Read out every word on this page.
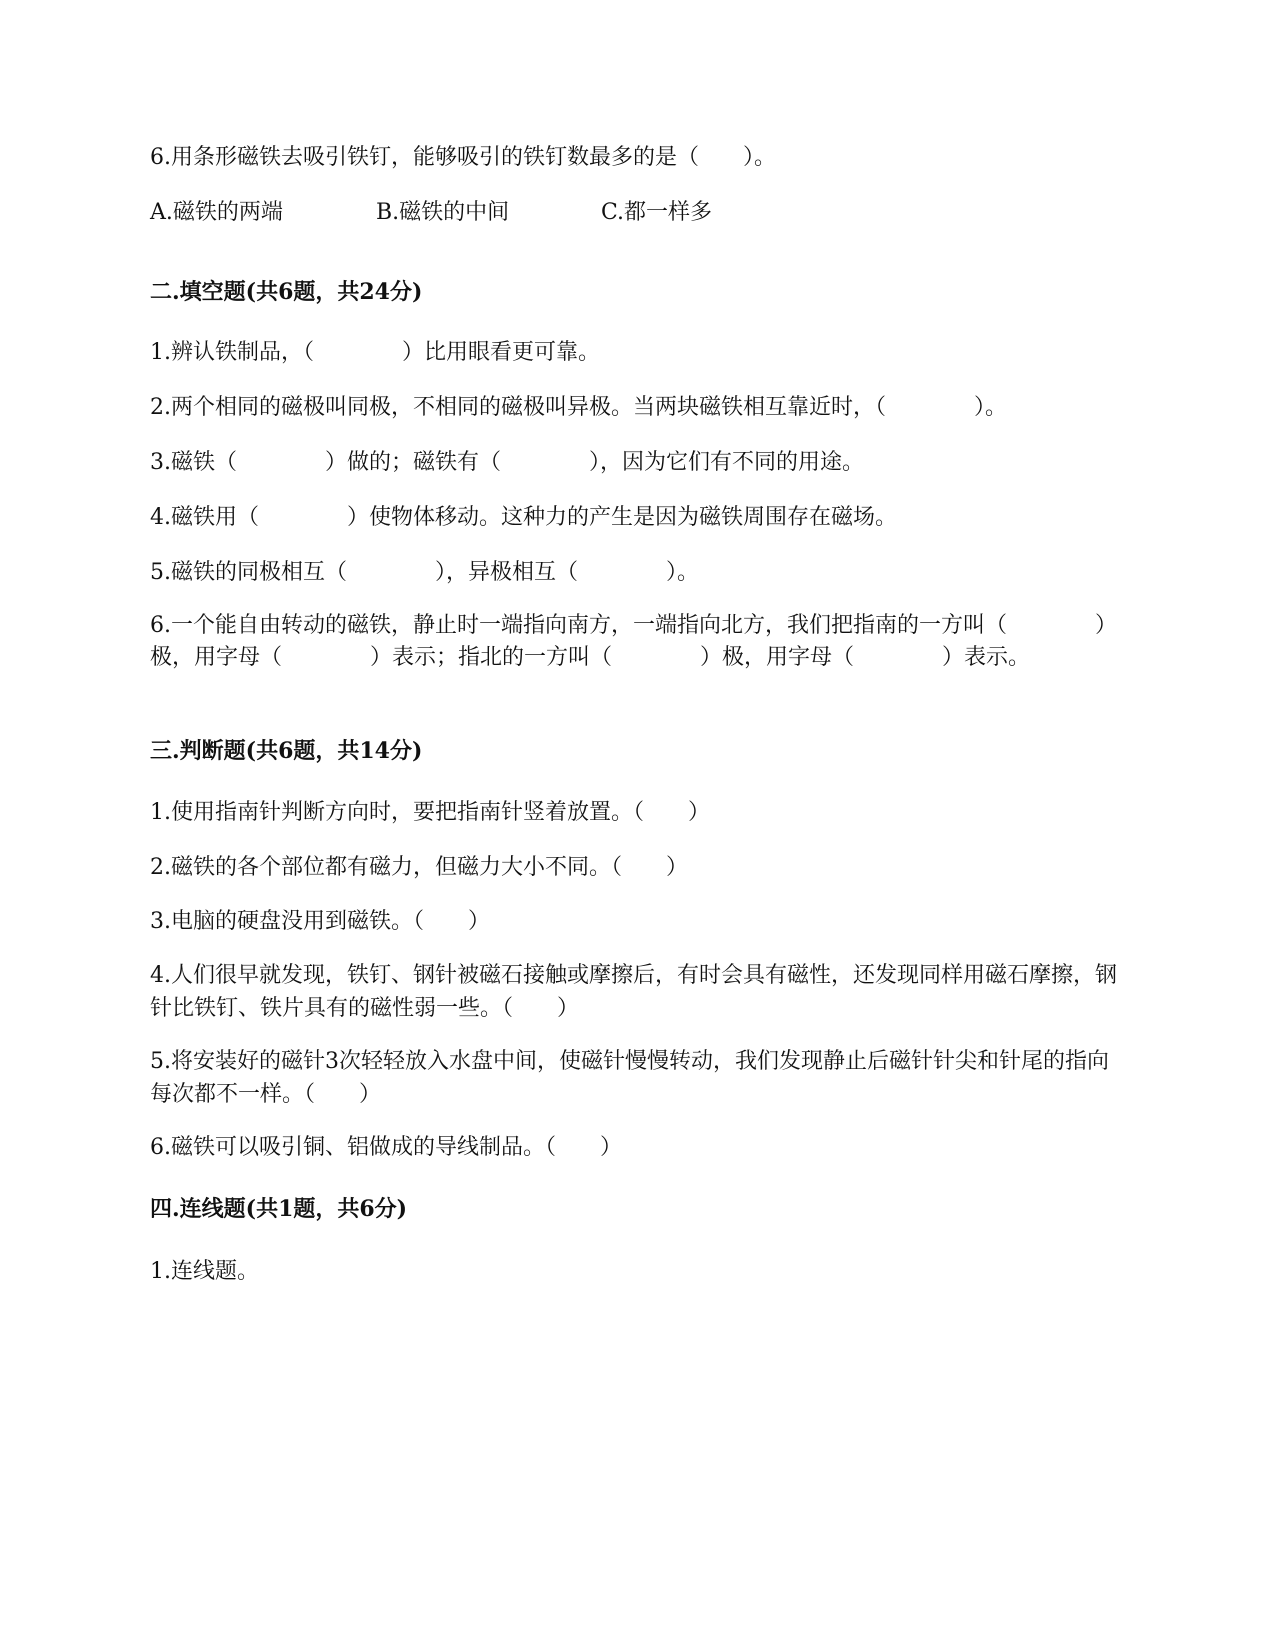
6.用条形磁铁去吸引铁钉，能够吸引的铁钉数最多的是（　　）。

A.磁铁的两端

	B.磁铁的中间

	C.都一样多

二.填空题(共6题，共24分)
1.辨认铁制品，（　　　　）比用眼看更可靠。
2.两个相同的磁极叫同极，不相同的磁极叫异极。当两块磁铁相互靠近时，（　　　　）。
3.磁铁（　　　　）做的；磁铁有（　　　　），因为它们有不同的用途。
4.磁铁用（　　　　）使物体移动。这种力的产生是因为磁铁周围存在磁场。
5.磁铁的同极相互（　　　　），异极相互（　　　　）。
6.一个能自由转动的磁铁，静止时一端指向南方，一端指向北方，我们把指南的一方叫（　　　　）极，用字母（　　　　）表示；指北的一方叫（　　　　）极，用字母（　　　　）表示。
三.判断题(共6题，共14分)
1.使用指南针判断方向时，要把指南针竖着放置。（　　）
2.磁铁的各个部位都有磁力，但磁力大小不同。（　　）
3.电脑的硬盘没用到磁铁。（　　）
4.人们很早就发现，铁钉、钢针被磁石接触或摩擦后，有时会具有磁性，还发现同样用磁石摩擦，钢针比铁钉、铁片具有的磁性弱一些。（　　）
5.将安装好的磁针3次轻轻放入水盘中间，使磁针慢慢转动，我们发现静止后磁针针尖和针尾的指向每次都不一样。（　　）
6.磁铁可以吸引铜、铝做成的导线制品。（　　）
四.连线题(共1题，共6分)
1.连线题。
